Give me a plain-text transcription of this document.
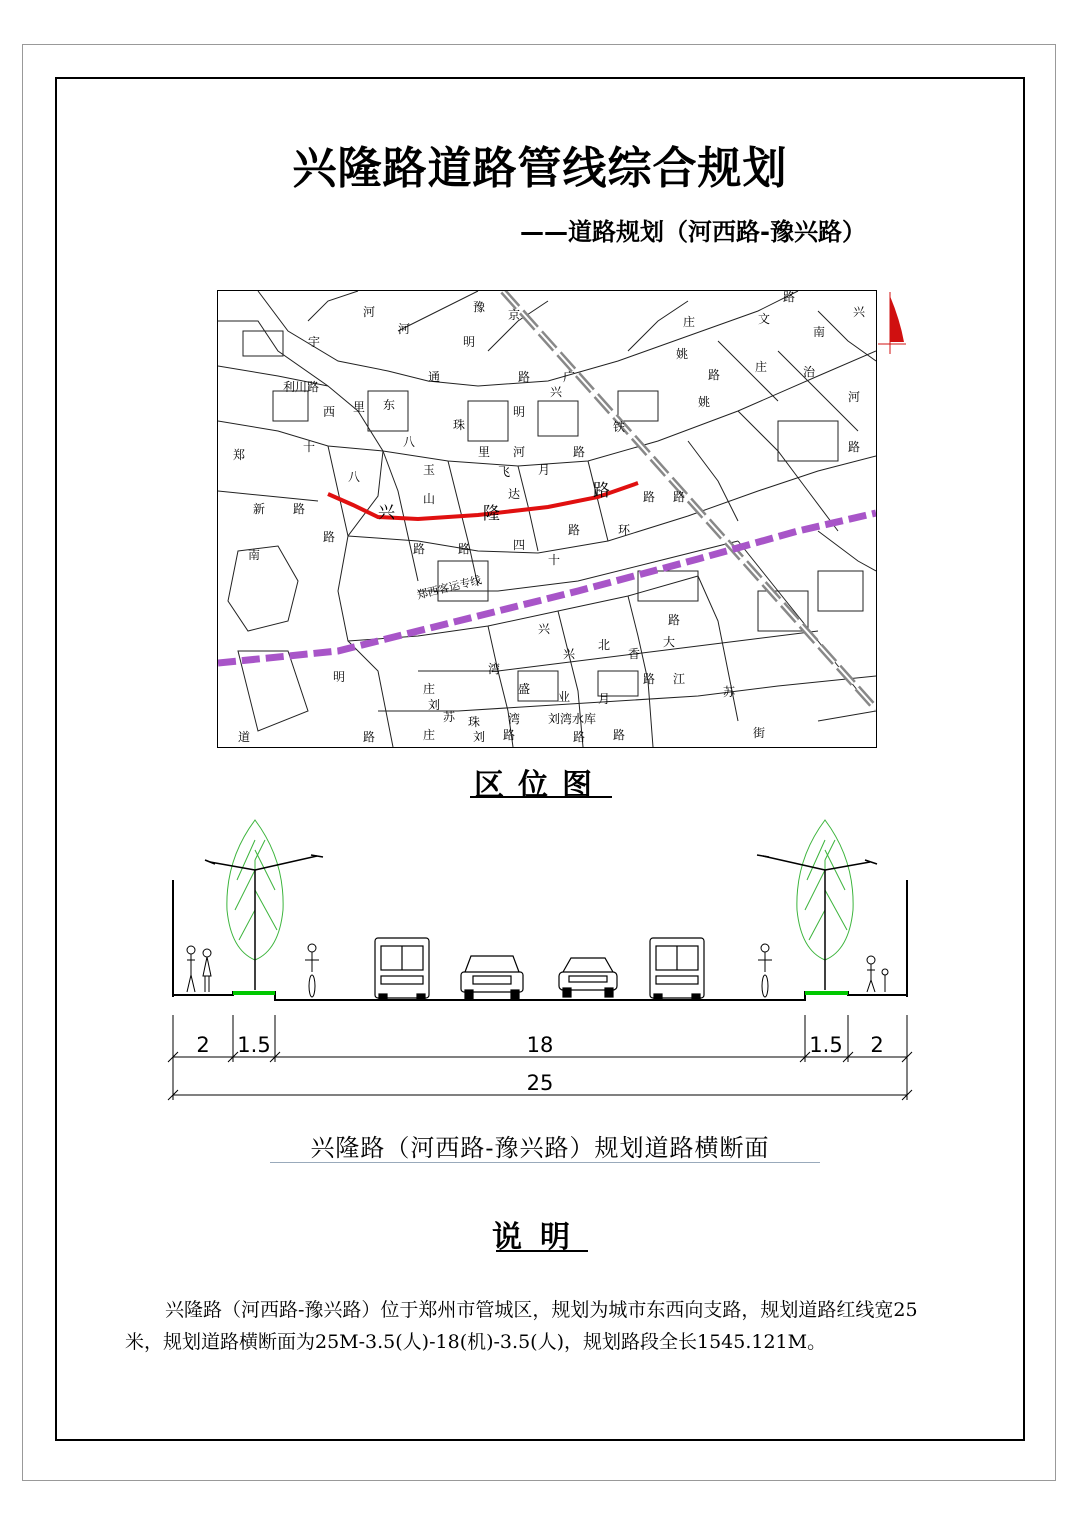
兴隆路道路管线综合规划
——道路规划（河西路-豫兴路）
河
河
豫
京
宇	明
利川路
通	路	广
兴
西 里 东
珠
明
十	八
里 河	路
铁
郑
玉	飞 月
八
山
兴
达	路	路 路
新 路	隆
路	环
路
路	路	四
十
南
郑西客运专线
兴
兴
北
香
路
大
明
湾
盛
业 月
路 江
苏
庄
刘
苏 珠 湾 刘湾水库
道	路	庄	刘 路	路 路	街
路
兴
庄	文
南
姚
路
庄	治
姚	河
路
区位图
2 1.5	18	1.5 2
25
兴隆路（河西路-豫兴路）规划道路横断面
说明
兴隆路（河西路-豫兴路）位于郑州市管城区，规划为城市东西向支路，规划道路红线宽25米，规划道路横断面为25M-3.5(人)-18(机)-3.5(人)，规划路段全长1545.121M。
